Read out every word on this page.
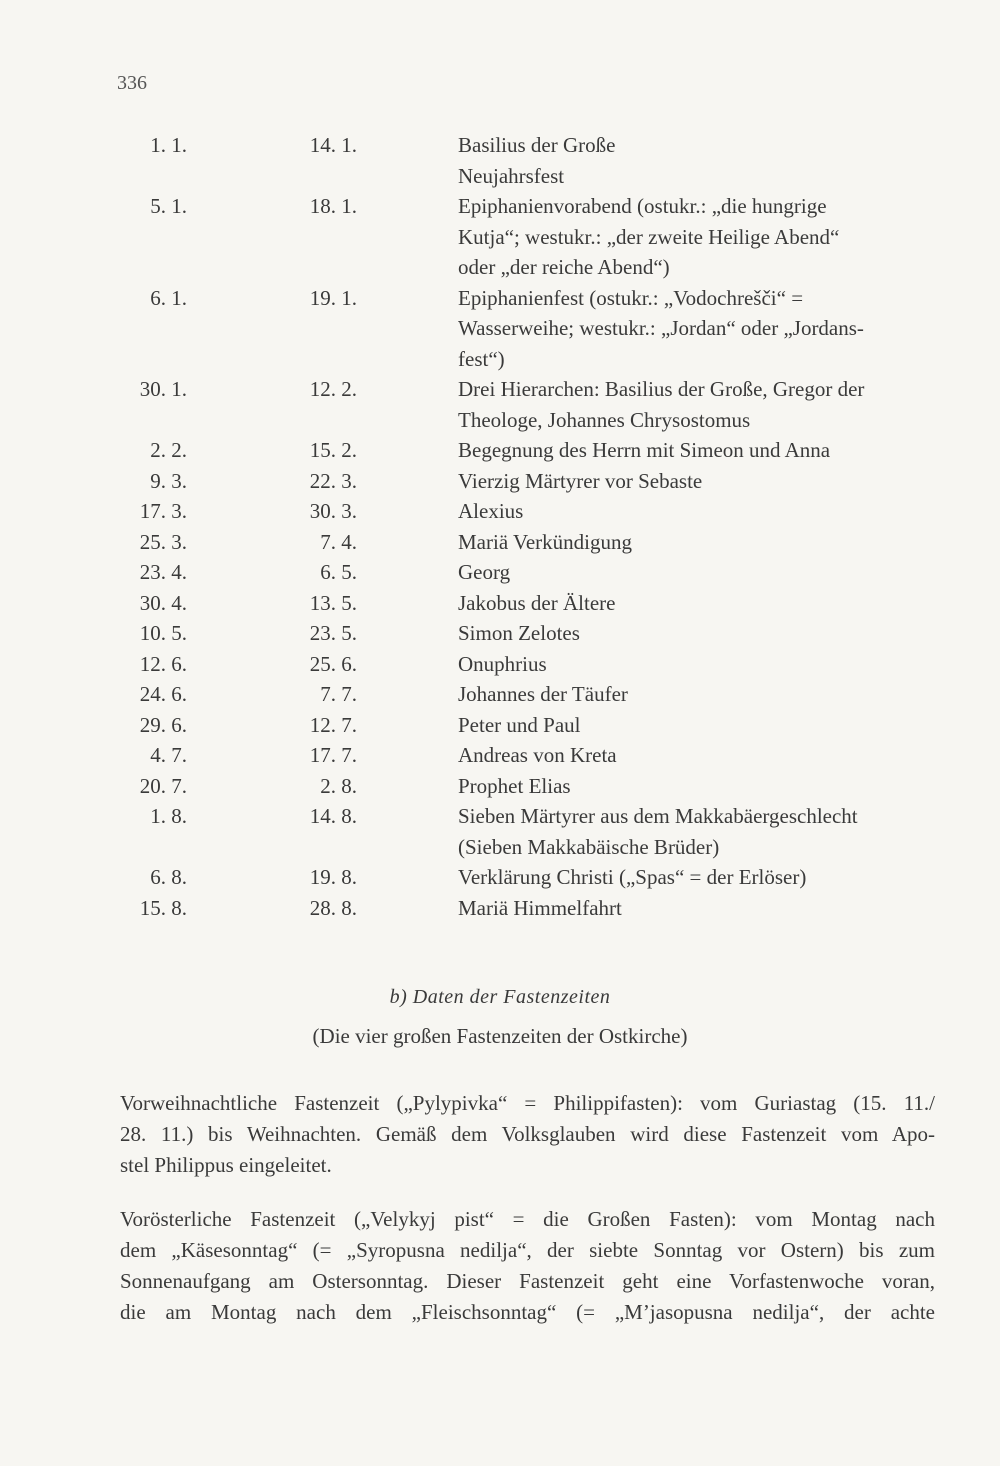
336
1. 1.	14. 1.	Basilius der Große
Neujahrsfest
5. 1.	18. 1.	Epiphanienvorabend (ostukr.: „die hungrige
Kutja“; westukr.: „der zweite Heilige Abend“
oder „der reiche Abend“)
6. 1.	19. 1.	Epiphanienfest (ostukr.: „Vodochrešči“ =
Wasserweihe; westukr.: „Jordan“ oder „Jordans-
fest“)
30. 1.	12. 2.	Drei Hierarchen: Basilius der Große, Gregor der
Theologe, Johannes Chrysostomus
2. 2.	15. 2.	Begegnung des Herrn mit Simeon und Anna
9. 3.	22. 3.	Vierzig Märtyrer vor Sebaste
17. 3.	30. 3.	Alexius
25. 3.	7. 4.	Mariä Verkündigung
23. 4.	6. 5.	Georg
30. 4.	13. 5.	Jakobus der Ältere
10. 5.	23. 5.	Simon Zelotes
12. 6.	25. 6.	Onuphrius
24. 6.	7. 7.	Johannes der Täufer
29. 6.	12. 7.	Peter und Paul
4. 7.	17. 7.	Andreas von Kreta
20. 7.	2. 8.	Prophet Elias
1. 8.	14. 8.	Sieben Märtyrer aus dem Makkabäergeschlecht
(Sieben Makkabäische Brüder)
6. 8.	19. 8.	Verklärung Christi („Spas“ = der Erlöser)
15. 8.	28. 8.	Mariä Himmelfahrt
b) Daten der Fastenzeiten
(Die vier großen Fastenzeiten der Ostkirche)
Vorweihnachtliche Fastenzeit („Pylypivka“ = Philippifasten): vom Guriastag (15. 11./
28. 11.) bis Weihnachten. Gemäß dem Volksglauben wird diese Fastenzeit vom Apo-
stel Philippus eingeleitet.
Vorösterliche Fastenzeit („Velykyj pist“ = die Großen Fasten): vom Montag nach
dem „Käsesonntag“ (= „Syropusna nedilja“, der siebte Sonntag vor Ostern) bis zum
Sonnenaufgang am Ostersonntag. Dieser Fastenzeit geht eine Vorfastenwoche voran,
die am Montag nach dem „Fleischsonntag“ (= „M’jasopusna nedilja“, der achte
